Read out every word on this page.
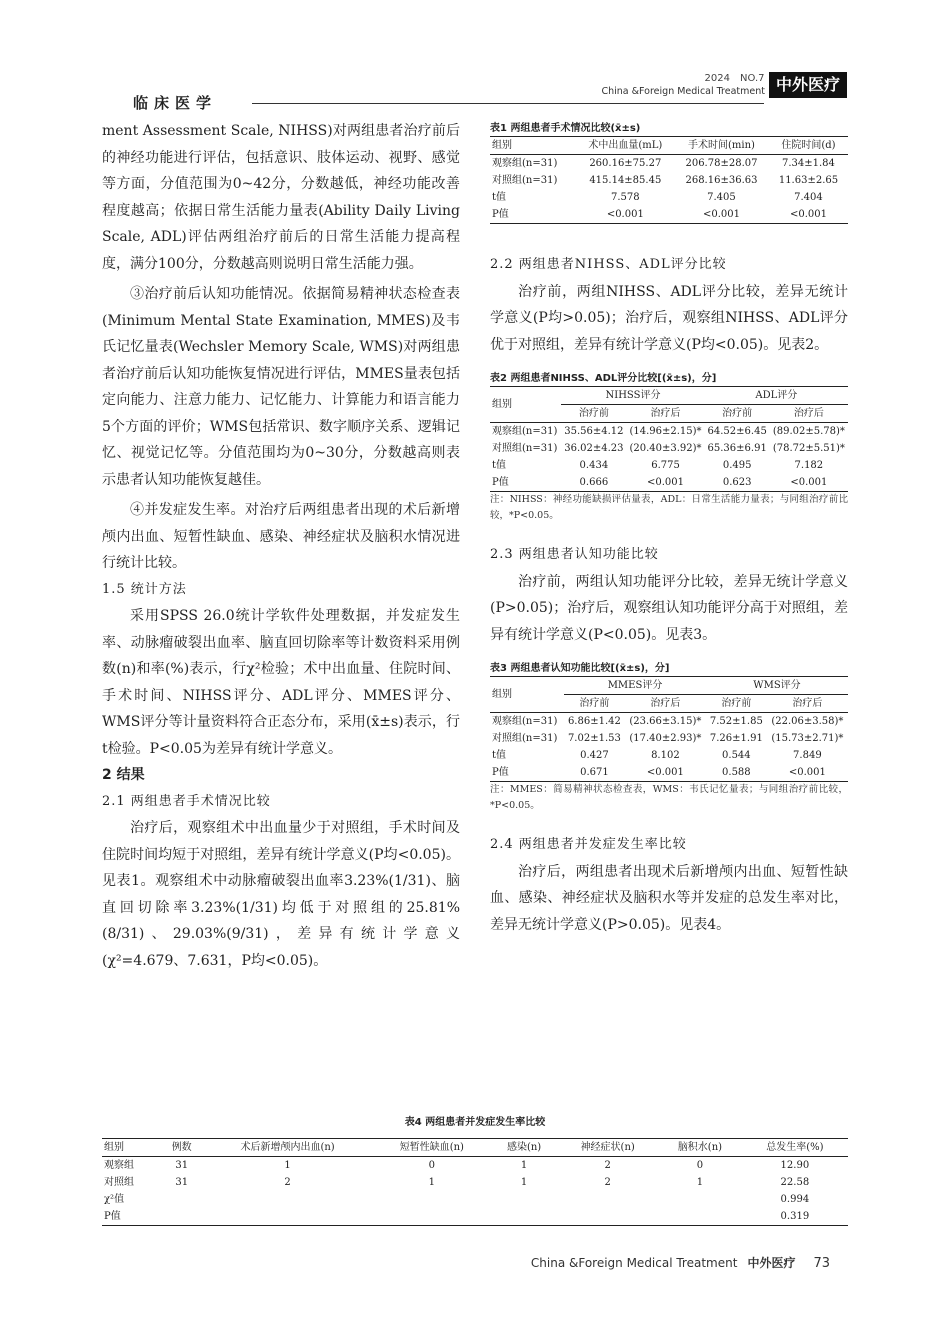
临床医学
2024 NO.7
China &Foreign Medical Treatment 中外医疗

ment Assessment Scale, NIHSS)对两组患者治疗前后的神经功能进行评估，包括意识、肢体运动、视野、感觉等方面，分值范围为0~42分，分数越低，神经功能改善程度越高；依据日常生活能力量表(Ability Daily Living Scale, ADL)评估两组治疗前后的日常生活能力提高程度，满分100分，分数越高则说明日常生活能力强。

③治疗前后认知功能情况。依据简易精神状态检查表(Minimum Mental State Examination, MMES)及韦氏记忆量表(Wechsler Memory Scale, WMS)对两组患者治疗前后认知功能恢复情况进行评估，MMES量表包括定向能力、注意力能力、记忆能力、计算能力和语言能力5个方面的评价；WMS包括常识、数字顺序关系、逻辑记忆、视觉记忆等。分值范围均为0~30分，分数越高则表示患者认知功能恢复越佳。

④并发症发生率。对治疗后两组患者出现的术后新增颅内出血、短暂性缺血、感染、神经症状及脑积水情况进行统计比较。

1.5 统计方法

采用SPSS 26.0统计学软件处理数据，并发症发生率、动脉瘤破裂出血率、脑直回切除率等计数资料采用例数(n)和率(%)表示，行χ²检验；术中出血量、住院时间、手术时间、NIHSS评分、ADL评分、MMES评分、WMS评分等计量资料符合正态分布，采用(x̄±s)表示，行t检验。P<0.05为差异有统计学意义。

2 结果

2.1 两组患者手术情况比较

治疗后，观察组术中出血量少于对照组，手术时间及住院时间均短于对照组，差异有统计学意义(P均<0.05)。见表1。观察组术中动脉瘤破裂出血率3.23%(1/31)、脑直回切除率3.23%(1/31)均低于对照组的25.81%(8/31)、29.03%(9/31)，差异有统计学意义(χ²=4.679、7.631，P均<0.05)。

表1 两组患者手术情况比较(x̄±s)

组别	术中出血量(mL)	手术时间(min)	住院时间(d)
观察组(n=31)	260.16±75.27	206.78±28.07	7.34±1.84
对照组(n=31)	415.14±85.45	268.16±36.63	11.63±2.65
t值	7.578	7.405	7.404
P值	<0.001	<0.001	<0.001

2.2 两组患者NIHSS、ADL评分比较

治疗前，两组NIHSS、ADL评分比较，差异无统计学意义(P均>0.05)；治疗后，观察组NIHSS、ADL评分优于对照组，差异有统计学意义(P均<0.05)。见表2。

表2 两组患者NIHSS、ADL评分比较[(x̄±s)，分]

组别	NIHSS评分		ADL评分	
	治疗前	治疗后	治疗前	治疗后
观察组(n=31)	35.56±4.12	(14.96±2.15)*	64.52±6.45	(89.02±5.78)*
对照组(n=31)	36.02±4.23	(20.40±3.92)*	65.36±6.91	(78.72±5.51)*
t值	0.434	6.775	0.495	7.182
P值	0.666	<0.001	0.623	<0.001

注：NIHSS：神经功能缺损评估量表，ADL：日常生活能力量表；与同组治疗前比较，*P<0.05。

2.3 两组患者认知功能比较

治疗前，两组认知功能评分比较，差异无统计学意义(P>0.05)；治疗后，观察组认知功能评分高于对照组，差异有统计学意义(P<0.05)。见表3。

表3 两组患者认知功能比较[(x̄±s)，分]

组别	MMES评分		WMS评分	
	治疗前	治疗后	治疗前	治疗后
观察组(n=31)	6.86±1.42	(23.66±3.15)*	7.52±1.85	(22.06±3.58)*
对照组(n=31)	7.02±1.53	(17.40±2.93)*	7.26±1.91	(15.73±2.71)*
t值	0.427	8.102	0.544	7.849
P值	0.671	<0.001	0.588	<0.001

注：MMES：简易精神状态检查表，WMS：韦氏记忆量表；与同组治疗前比较，*P<0.05。

2.4 两组患者并发症发生率比较

治疗后，两组患者出现术后新增颅内出血、短暂性缺血、感染、神经症状及脑积水等并发症的总发生率对比，差异无统计学意义(P>0.05)。见表4。

表4 两组患者并发症发生率比较

组别	例数	术后新增颅内出血(n)	短暂性缺血(n)	感染(n)	神经症状(n)	脑积水(n)	总发生率(%)
观察组	31	1	0	1	2	0	12.90
对照组	31	2	1	1	2	1	22.58
χ²值							0.994
P值							0.319
China &Foreign Medical Treatment 中外医疗 73
